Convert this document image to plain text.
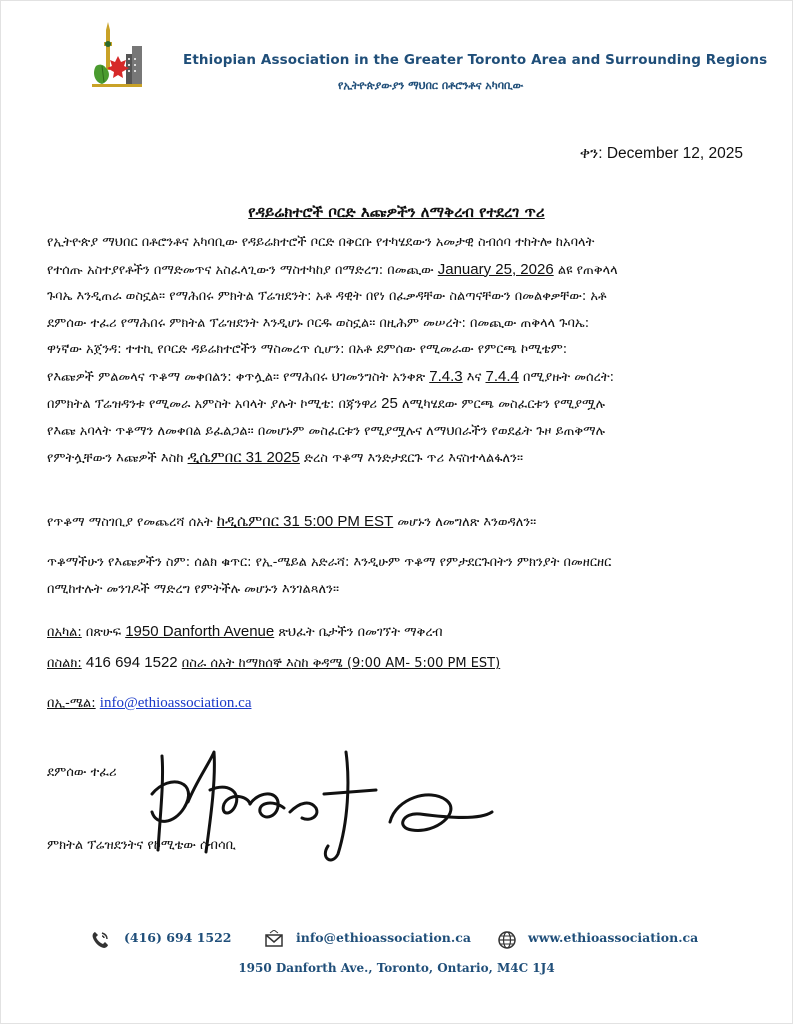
Ethiopian Association in the Greater Toronto Area and Surrounding Regions
የኢትዮጵያውያን ማህበር በቶሮንቶና አካባቢው
ቀን: December 12, 2025
የዳይሬክተሮች ቦርድ እጩዎችን ለማቅረብ የተደረገ ጥሪ

የኢትዮጵያ ማህበር በቶሮንቶና አካባቢው የዳይሬክተሮች ቦርድ በቅርቡ የተካሄደውን አመታዊ ስብሰባ ተከትሎ ከአባላት

የተሰጡ አስተያየቶችን በማድመጥና አስፈላጊውን ማስተካከያ በማድረግ: በመጪው January 25, 2026 ልዩ የጠቅላላ

ጉባኤ እንዲጠራ ወስኗል። የማሕበሩ ምክትል ፕሬዝደንት: አቶ ዳዊት በየነ በፈቃዳቸው ስልጣናቸውን በመልቀቃቸው: አቶ

ደምሰው ተፈሪ የማሕበሩ ምክትል ፕሬዝደንት እንዲሆኑ ቦርዱ ወስኗል። በዚሕም መሠረት: በመጪው ጠቅላላ ጉባኤ:

ዋነኛው አጀንዳ: ተተኪ የቦርድ ዳይሬክተሮችን ማስመረጥ ሲሆን: በአቶ ደምሰው የሚመራው የምርጫ ኮሚቴም:

የእጩዎች ምልመላና ጥቆማ መቀበልን: ቀጥሏል። የማሕበሩ ህገመንግስት አንቀጽ 7.4.3 እና 7.4.4 በሚያዙት መሰረት:

በምክትል ፕሬዝዳንቱ የሚመራ አምስት አባላት ያሉት ኮሚቴ: በጃንዋሪ 25 ለሚካሄደው ምርጫ መስፈርቱን የሚያሟሉ

የእጩ አባላት ጥቆማን ለመቀበል ይፈልጋል። በመሆኑም መስፈርቱን የሚያሟሉና ለማህበራችን የወደፊት ጉዞ ይጠቅማሉ

የምትሏቸውን እጩዎች እስከ ዲሴምበር 31 2025 ድረስ ጥቆማ እንድታደርጉ ጥሪ እናስተላልፋለን።

የጥቆማ ማስገቢያ የመጨረሻ ሰአት ከዲሴምበር 31 5:00 PM EST መሆኑን ለመግለጽ እንወዳለን።

ጥቆማችሁን የእጩዎችን ስም: ሰልክ ቁጥር: የኢ-ሜይል አድራሻ: እንዲሁም ጥቆማ የምታደርጉበትን ምክንያት በመዘርዘር

በሚከተሉት መንገዶች ማድረግ የምትችሉ መሆኑን እንገልጻለን።

በአካል: በጽሁፍ 1950 Danforth Avenue ጽህፈት ቤታችን በመገኘት ማቅረብ
በስልክ: 416 694 1522 በስራ ሰአት ከማክሰኞ እስከ ቅዳሜ (9:00 AM- 5:00 PM EST)
በኢ-ሜል: info@ethioassociation.ca
ደምሰው ተፈሪ
ምክትል ፕሬዝደንትና የኮሚቴው ሰብሳቢ
(416) 694 1522	info@ethioassociation.ca	www.ethioassociation.ca
1950 Danforth Ave., Toronto, Ontario, M4C 1J4
